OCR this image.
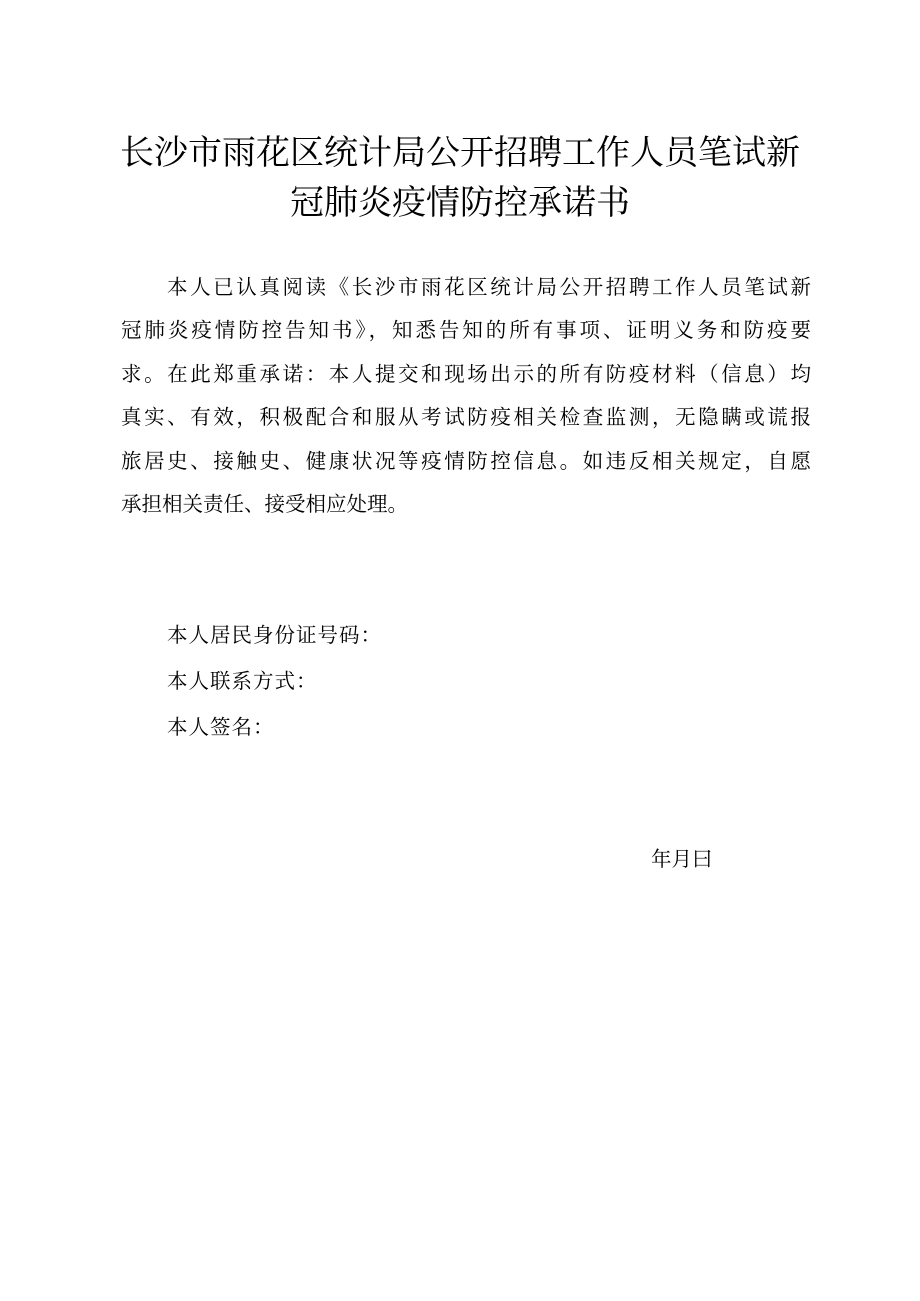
长沙市雨花区统计局公开招聘工作人员笔试新
冠肺炎疫情防控承诺书
本人已认真阅读《长沙市雨花区统计局公开招聘工作人员笔试新
冠肺炎疫情防控告知书》，知悉告知的所有事项、证明义务和防疫要
求。在此郑重承诺：本人提交和现场出示的所有防疫材料（信息）均
真实、有效，积极配合和服从考试防疫相关检查监测，无隐瞒或谎报
旅居史、接触史、健康状况等疫情防控信息。如违反相关规定，自愿
承担相关责任、接受相应处理。
本人居民身份证号码：
本人联系方式：
本人签名：
年月曰
